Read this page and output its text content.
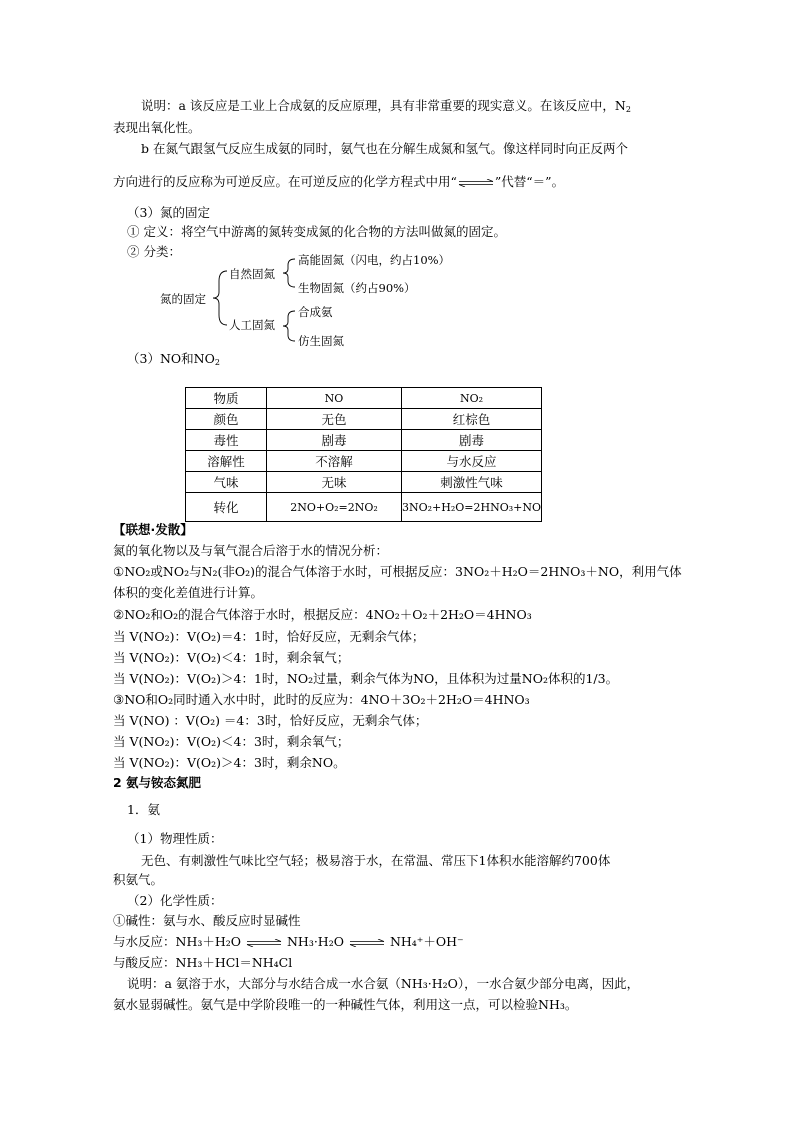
说明：a 该反应是工业上合成氨的反应原理，具有非常重要的现实意义。在该反应中，$N_2$
表现出氧化性。
b 在氮气跟氢气反应生成氨的同时，氨气也在分解生成氮和氢气。像这样同时向正反两个
方向进行的反应称为可逆反应。在可逆反应的化学方程式中用“⇌”代替“＝”。
（3）氮的固定
① 定义：将空气中游离的氮转变成氮的化合物的方法叫做氮的固定。
② 分类：
氮的固定
自然固氮
人工固氮
高能固氮（闪电，约占10%）
生物固氮（约占90%）
合成氨
仿生固氮
（3）NO和$NO_2$
物质	NO	NO₂
颜色	无色	红棕色
毒性	剧毒	剧毒
溶解性	不溶解	与水反应
气味	无味	刺激性气味
转化	2NO+O₂=2NO₂	3NO₂+H₂O=2HNO₃+NO
【联想·发散】
氮的氧化物以及与氧气混合后溶于水的情况分析：
①NO₂或NO₂与N₂(非O₂)的混合气体溶于水时，可根据反应：3NO₂＋H₂O＝2HNO₃＋NO，利用气体
体积的变化差值进行计算。
②NO₂和O₂的混合气体溶于水时，根据反应：4NO₂＋O₂＋2H₂O＝4HNO₃
当 V(NO₂)：V(O₂)＝4：1时，恰好反应，无剩余气体；
当 V(NO₂)：V(O₂)＜4：1时，剩余氧气；
当 V(NO₂)：V(O₂)＞4：1时，NO₂过量，剩余气体为NO，且体积为过量NO₂体积的1/3。
③NO和O₂同时通入水中时，此时的反应为：4NO＋3O₂＋2H₂O＝4HNO₃
当 V(NO) ：V(O₂) ＝4：3时，恰好反应，无剩余气体；
当 V(NO₂)：V(O₂)＜4：3时，剩余氧气；
当 V(NO₂)：V(O₂)＞4：3时，剩余NO。
2 氨与铵态氮肥
1．氨
（1）物理性质：
无色、有刺激性气味比空气轻；极易溶于水，在常温、常压下1体积水能溶解约700体
积氨气。
（2）化学性质：
①碱性：氨与水、酸反应时显碱性
与水反应：NH₃＋H₂O ⇌ NH₃·H₂O ⇌ NH₄⁺＋OH⁻
与酸反应：NH₃＋HCl＝NH₄Cl
说明：a 氨溶于水，大部分与水结合成一水合氨（NH₃·H₂O），一水合氨少部分电离，因此，
氨水显弱碱性。氨气是中学阶段唯一的一种碱性气体，利用这一点，可以检验NH₃。
